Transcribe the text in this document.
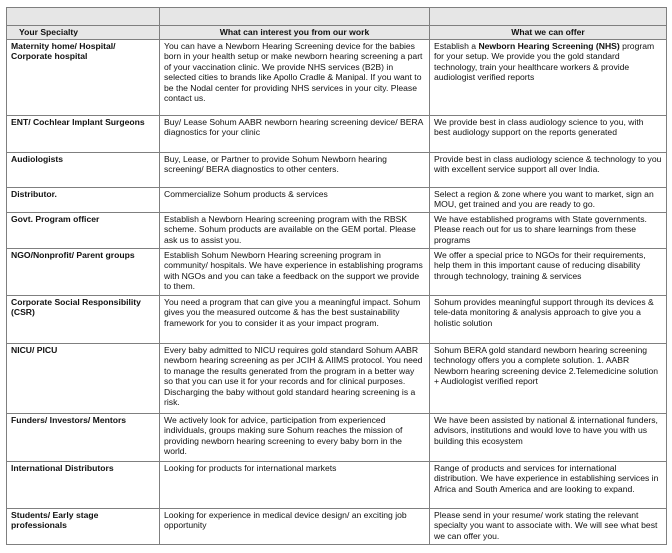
Your Specialty	What can interest you from our work	What we can offer
Maternity home/ Hospital/ Corporate hospital	You can have a Newborn Hearing Screening device for the babies born in your health setup or make newborn hearing screening a part of your vaccination clinic. We provide NHS services (B2B) in selected cities to brands like Apollo Cradle & Manipal. If you want to be the Nodal center for providing NHS services in your city. Please contact us.	Establish a Newborn Hearing Screening (NHS) program for your setup. We provide you the gold standard technology, train your healthcare workers & provide audiologist verified reports
ENT/ Cochlear Implant Surgeons	Buy/ Lease Sohum AABR newborn hearing screening device/ BERA diagnostics for your clinic	We provide best in class audiology science to you, with best audiology support on the reports generated
Audiologists	Buy, Lease, or Partner to provide Sohum Newborn hearing screening/ BERA diagnostics to other centers.	Provide best in class audiology science & technology to you with excellent service support all over India.
Distributor.	Commercialize Sohum products & services	Select a region & zone where you want to market, sign an MOU, get trained and you are ready to go.
Govt. Program officer	Establish a Newborn Hearing screening program with the RBSK scheme. Sohum products are available on the GEM portal. Please ask us to assist you.	We have established programs with State governments. Please reach out for us to share learnings from these programs
NGO/Nonprofit/ Parent groups	Establish Sohum Newborn Hearing screening program in community/ hospitals. We have experience in establishing programs with NGOs and you can take a feedback on the support we provide to them.	We offer a special price to NGOs for their requirements, help them in this important cause of reducing disability through technology, training & services
Corporate Social Responsibility (CSR)	You need a program that can give you a meaningful impact. Sohum gives you the measured outcome & has the best sustainability framework for you to consider it as your impact program.	Sohum provides meaningful support through its devices & tele-data monitoring & analysis approach to give you a holistic solution
NICU/ PICU	Every baby admitted to NICU requires gold standard Sohum AABR newborn hearing screening as per JCIH & AIIMS protocol. You need to manage the results generated from the program in a better way so that you can use it for your records and for clinical purposes. Discharging the baby without gold standard hearing screening is a risk.	Sohum BERA gold standard newborn hearing screening technology offers you a complete solution. 1. AABR Newborn hearing screening device 2.Telemedicine solution + Audiologist verified report
Funders/ Investors/ Mentors	We actively look for advice, participation from experienced individuals, groups making sure Sohum reaches the mission of providing newborn hearing screening to every baby born in the world.	We have been assisted by national & international funders, advisors, institutions and would love to have you with us building this ecosystem
International Distributors	Looking for products for international markets	Range of products and services for international distribution. We have experience in establishing services in Africa and South America and are looking to expand.
Students/ Early stage professionals	Looking for experience in medical device design/ an exciting job opportunity	Please send in your resume/ work stating the relevant specialty you want to associate with. We will see what best we can offer you.
